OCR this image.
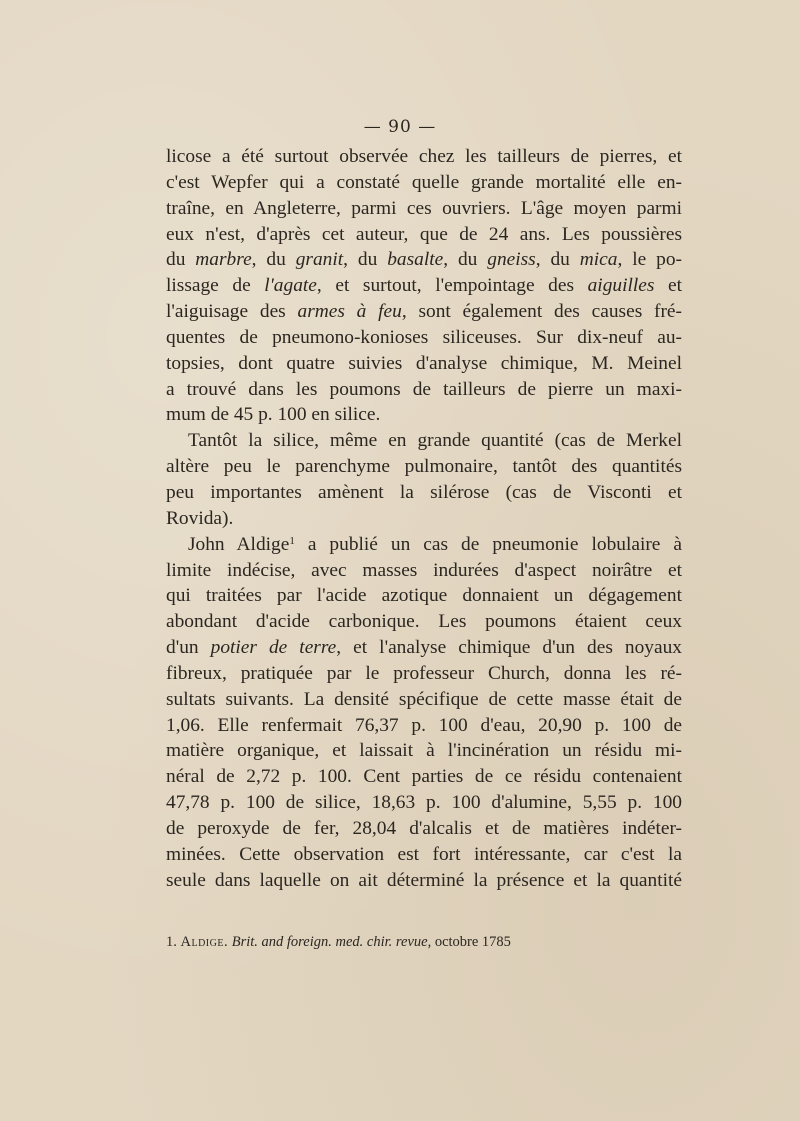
— 90 —
licose a été surtout observée chez les tailleurs de pierres, et
c'est Wepfer qui a constaté quelle grande mortalité elle en-
traîne, en Angleterre, parmi ces ouvriers. L'âge moyen parmi
eux n'est, d'après cet auteur, que de 24 ans. Les poussières
du marbre, du granit, du basalte, du gneiss, du mica, le po-
lissage de l'agate, et surtout, l'empointage des aiguilles et
l'aiguisage des armes à feu, sont également des causes fré-
quentes de pneumono-konioses siliceuses. Sur dix-neuf au-
topsies, dont quatre suivies d'analyse chimique, M. Meinel
a trouvé dans les poumons de tailleurs de pierre un maxi-
mum de 45 p. 100 en silice.
Tantôt la silice, même en grande quantité (cas de Merkel
altère peu le parenchyme pulmonaire, tantôt des quantités
peu importantes amènent la silérose (cas de Visconti et
Rovida).
John Aldige$^1$ a publié un cas de pneumonie lobulaire à
limite indécise, avec masses indurées d'aspect noirâtre et
qui traitées par l'acide azotique donnaient un dégagement
abondant d'acide carbonique. Les poumons étaient ceux
d'un potier de terre, et l'analyse chimique d'un des noyaux
fibreux, pratiquée par le professeur Church, donna les ré-
sultats suivants. La densité spécifique de cette masse était de
1,06. Elle renfermait 76,37 p. 100 d'eau, 20,90 p. 100 de
matière organique, et laissait à l'incinération un résidu mi-
néral de 2,72 p. 100. Cent parties de ce résidu contenaient
47,78 p. 100 de silice, 18,63 p. 100 d'alumine, 5,55 p. 100
de peroxyde de fer, 28,04 d'alcalis et de matières indéter-
minées. Cette observation est fort intéressante, car c'est la
seule dans laquelle on ait déterminé la présence et la quantité
1. Aldige. Brit. and foreign. med. chir. revue, octobre 1785
